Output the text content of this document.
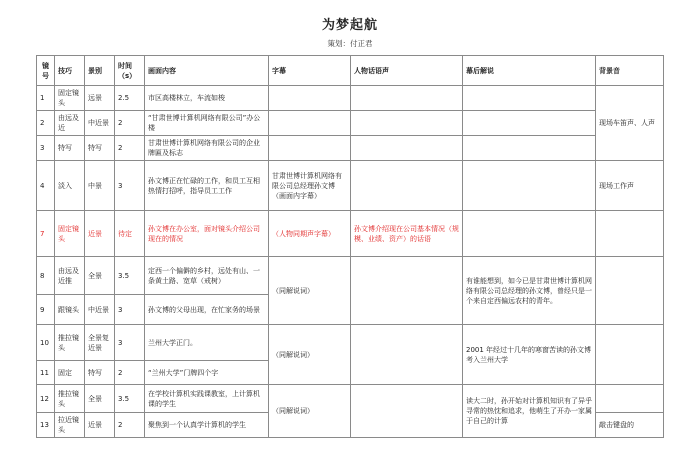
为梦起航
策划：付正君
镜号	技巧	景别	时间（s）	画面内容	字幕	人物话语声	幕后解说	背景音
1	固定镜头	远景	2.5	市区高楼林立，车流如梭				现场车笛声、人声
2	由远及近	中近景	2	“甘肃世博计算机网络有限公司”办公楼				
3	特写	特写	2	甘肃世博计算机网络有限公司的企业牌匾及标志				
4	淡入	中景	3	孙文博正在忙碌的工作，和员工互相热情打招呼，指导员工工作	甘肃世博计算机网络有限公司总经理孙文博（画面内字幕）			现场工作声
7	固定镜头	近景	待定	孙文博在办公室，面对镜头介绍公司现在的情况	（人物同期声字幕）	孙文博介绍现在公司基本情况（规模、业绩、资产）的话语		
8	由远及近推	全景	3.5	定西一个偏僻的乡村，远处有山、一条黄土路、宽草（戒树）	（同解说词）		有谁能想到，如今已是甘肃世博计算机网络有限公司总经理的孙文博，曾经只是一个来自定西偏远农村的青年。	
9	跟镜头	中近景	3	孙文博的父母出现，在忙家务的场景				
10	推拉镜头	全景复近景	3	兰州大学正门。	（同解说词）		2001 年经过十几年的寒窗苦读的孙文博考入兰州大学	
11	固定	特写	2	“兰州大学”门牌四个字				
12	推拉镜头	全景	3.5	在学校计算机实践课教室，上计算机课的学生	（同解说词）		读大二时，孙开始对计算机知识有了异乎寻常的热忱和追求，他萌生了开办一家属于自己的计算	
13	拉近镜头	近景	2	聚焦到一个认真学计算机的学生				敲击键盘的
